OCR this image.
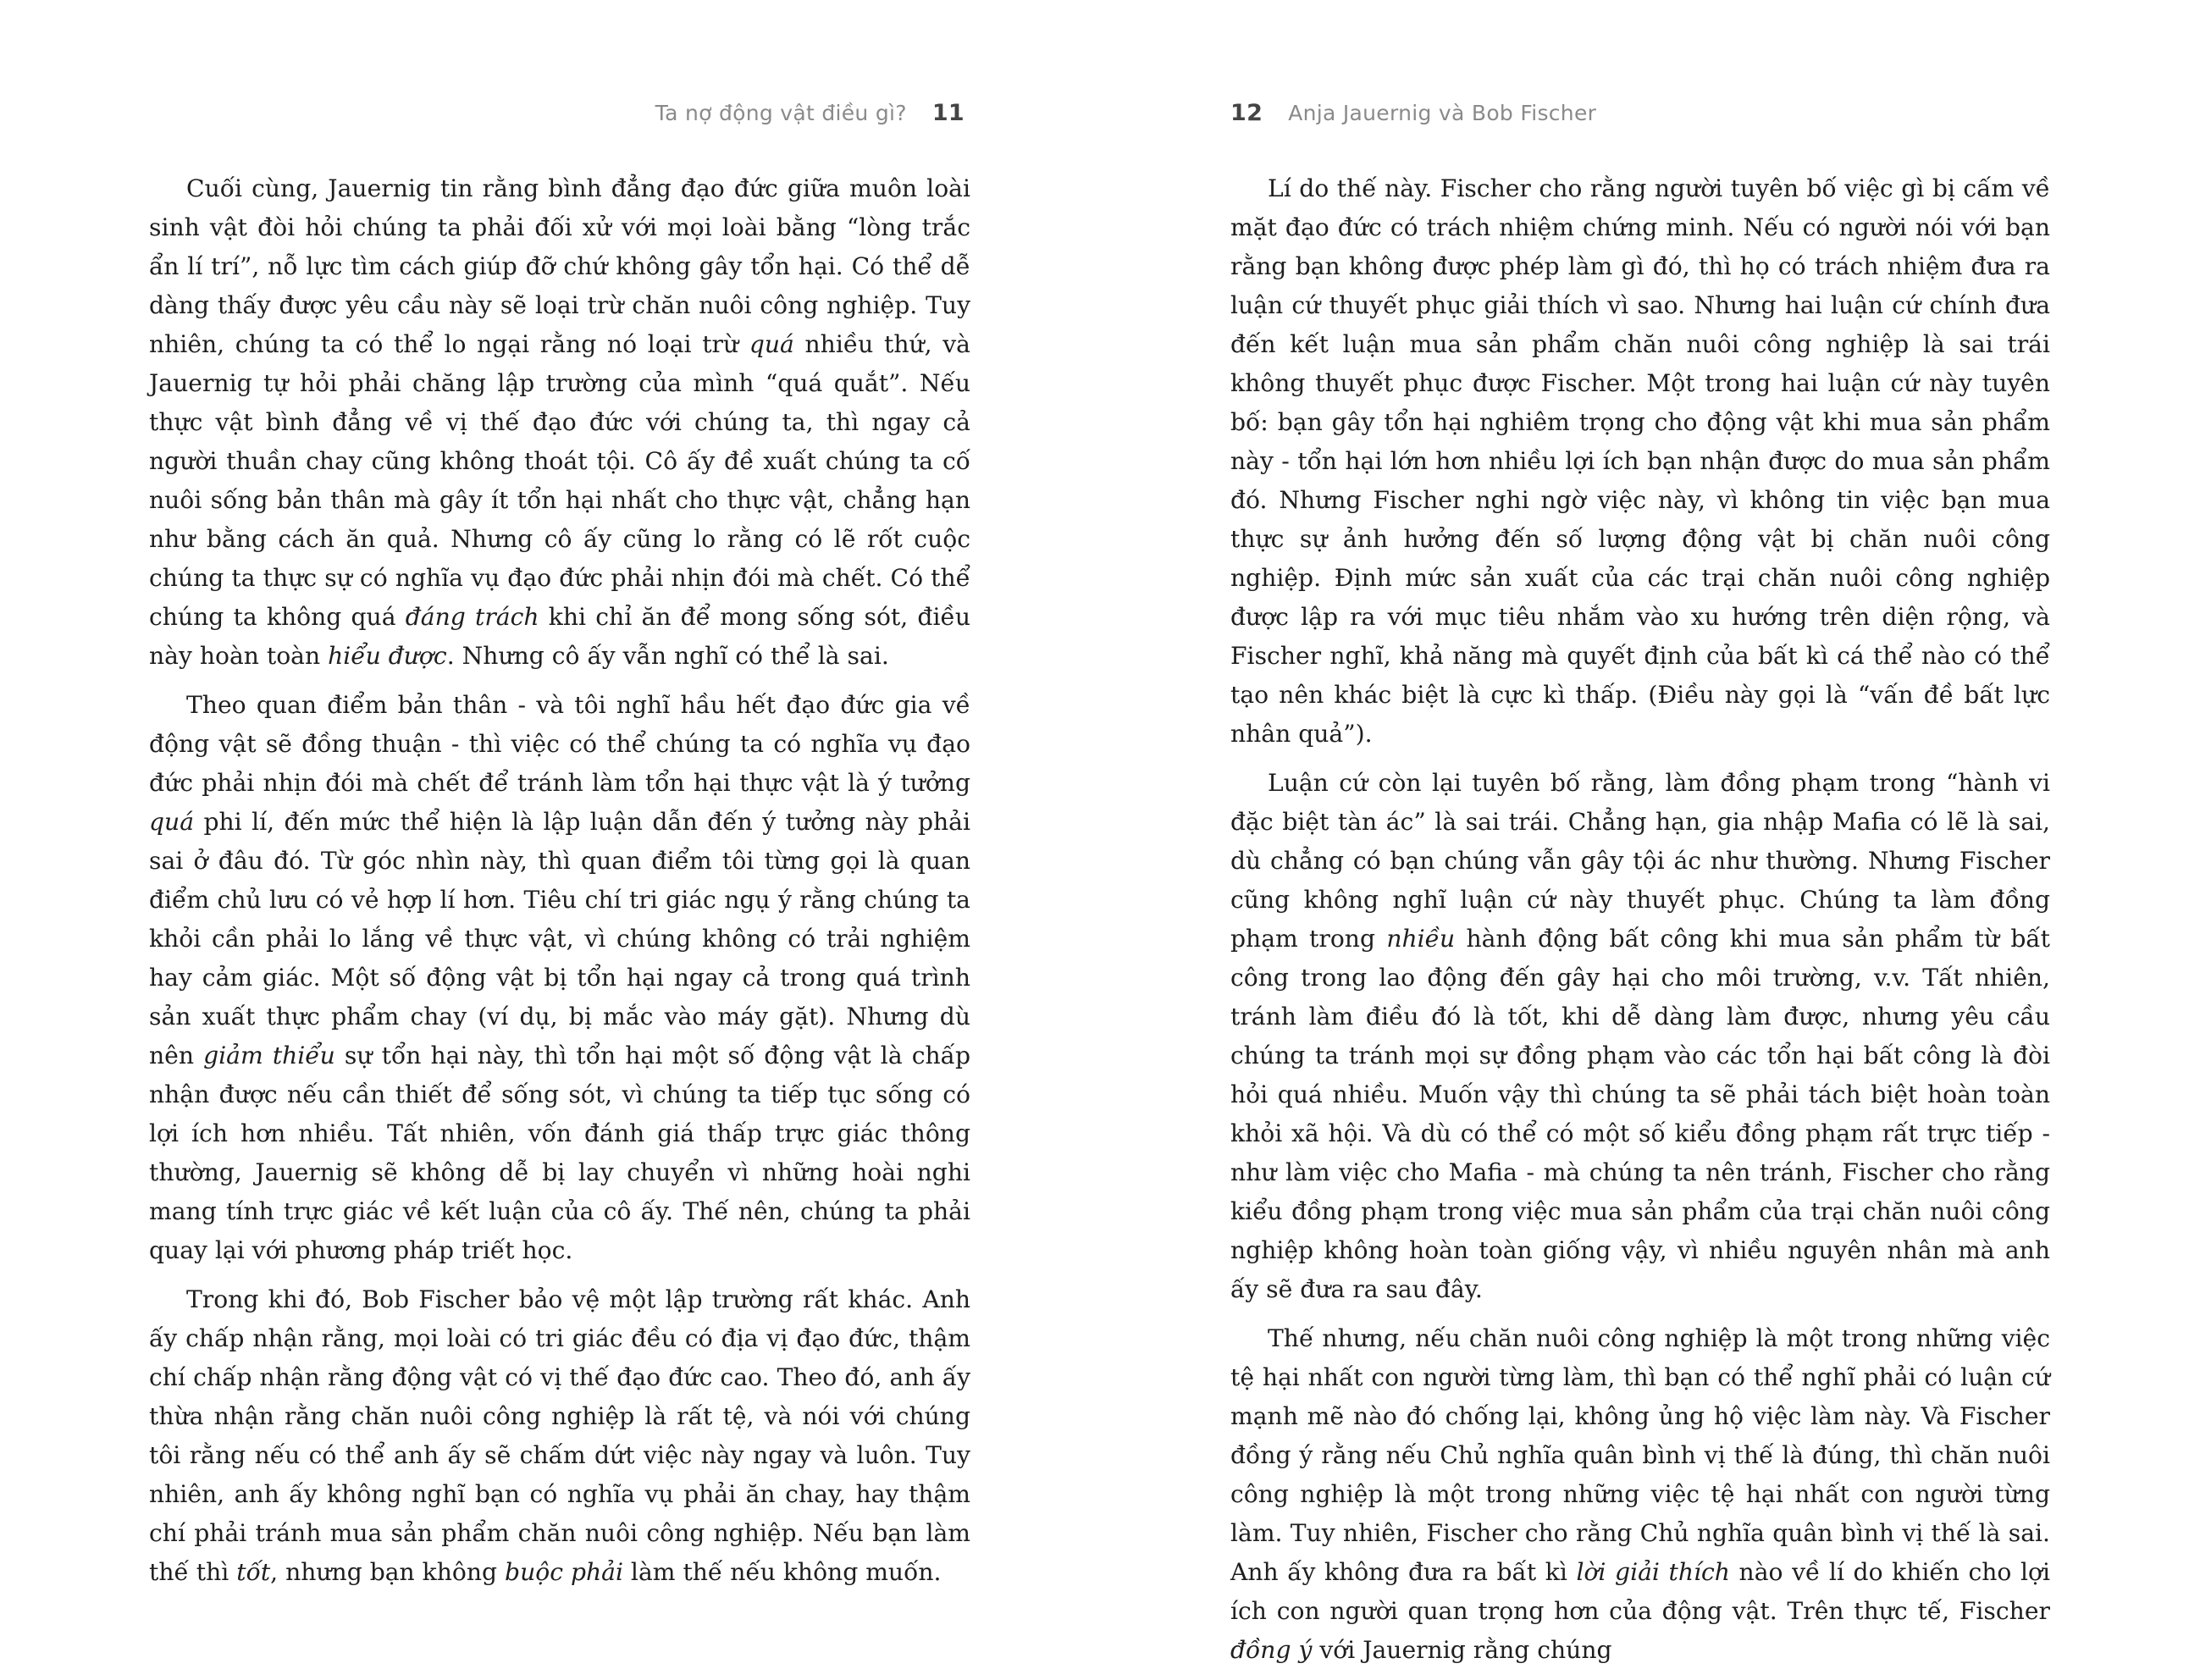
Ta nợ động vật điều gì? 11

Cuối cùng, Jauernig tin rằng bình đẳng đạo đức giữa muôn loài sinh vật đòi hỏi chúng ta phải đối xử với mọi loài bằng “lòng trắc ẩn lí trí”, nỗ lực tìm cách giúp đỡ chứ không gây tổn hại. Có thể dễ dàng thấy được yêu cầu này sẽ loại trừ chăn nuôi công nghiệp. Tuy nhiên, chúng ta có thể lo ngại rằng nó loại trừ quá nhiều thứ, và Jauernig tự hỏi phải chăng lập trường của mình “quá quắt”. Nếu thực vật bình đẳng về vị thế đạo đức với chúng ta, thì ngay cả người thuần chay cũng không thoát tội. Cô ấy đề xuất chúng ta cố nuôi sống bản thân mà gây ít tổn hại nhất cho thực vật, chẳng hạn như bằng cách ăn quả. Nhưng cô ấy cũng lo rằng có lẽ rốt cuộc chúng ta thực sự có nghĩa vụ đạo đức phải nhịn đói mà chết. Có thể chúng ta không quá đáng trách khi chỉ ăn để mong sống sót, điều này hoàn toàn hiểu được. Nhưng cô ấy vẫn nghĩ có thể là sai.

Theo quan điểm bản thân - và tôi nghĩ hầu hết đạo đức gia về động vật sẽ đồng thuận - thì việc có thể chúng ta có nghĩa vụ đạo đức phải nhịn đói mà chết để tránh làm tổn hại thực vật là ý tưởng quá phi lí, đến mức thể hiện là lập luận dẫn đến ý tưởng này phải sai ở đâu đó. Từ góc nhìn này, thì quan điểm tôi từng gọi là quan điểm chủ lưu có vẻ hợp lí hơn. Tiêu chí tri giác ngụ ý rằng chúng ta khỏi cần phải lo lắng về thực vật, vì chúng không có trải nghiệm hay cảm giác. Một số động vật bị tổn hại ngay cả trong quá trình sản xuất thực phẩm chay (ví dụ, bị mắc vào máy gặt). Nhưng dù nên giảm thiểu sự tổn hại này, thì tổn hại một số động vật là chấp nhận được nếu cần thiết để sống sót, vì chúng ta tiếp tục sống có lợi ích hơn nhiều. Tất nhiên, vốn đánh giá thấp trực giác thông thường, Jauernig sẽ không dễ bị lay chuyển vì những hoài nghi mang tính trực giác về kết luận của cô ấy. Thế nên, chúng ta phải quay lại với phương pháp triết học.

Trong khi đó, Bob Fischer bảo vệ một lập trường rất khác. Anh ấy chấp nhận rằng, mọi loài có tri giác đều có địa vị đạo đức, thậm chí chấp nhận rằng động vật có vị thế đạo đức cao. Theo đó, anh ấy thừa nhận rằng chăn nuôi công nghiệp là rất tệ, và nói với chúng tôi rằng nếu có thể anh ấy sẽ chấm dứt việc này ngay và luôn. Tuy nhiên, anh ấy không nghĩ bạn có nghĩa vụ phải ăn chay, hay thậm chí phải tránh mua sản phẩm chăn nuôi công nghiệp. Nếu bạn làm thế thì tốt, nhưng bạn không buộc phải làm thế nếu không muốn.

12 Anja Jauernig và Bob Fischer

Lí do thế này. Fischer cho rằng người tuyên bố việc gì bị cấm về mặt đạo đức có trách nhiệm chứng minh. Nếu có người nói với bạn rằng bạn không được phép làm gì đó, thì họ có trách nhiệm đưa ra luận cứ thuyết phục giải thích vì sao. Nhưng hai luận cứ chính đưa đến kết luận mua sản phẩm chăn nuôi công nghiệp là sai trái không thuyết phục được Fischer. Một trong hai luận cứ này tuyên bố: bạn gây tổn hại nghiêm trọng cho động vật khi mua sản phẩm này - tổn hại lớn hơn nhiều lợi ích bạn nhận được do mua sản phẩm đó. Nhưng Fischer nghi ngờ việc này, vì không tin việc bạn mua thực sự ảnh hưởng đến số lượng động vật bị chăn nuôi công nghiệp. Định mức sản xuất của các trại chăn nuôi công nghiệp được lập ra với mục tiêu nhắm vào xu hướng trên diện rộng, và Fischer nghĩ, khả năng mà quyết định của bất kì cá thể nào có thể tạo nên khác biệt là cực kì thấp. (Điều này gọi là “vấn đề bất lực nhân quả”).

Luận cứ còn lại tuyên bố rằng, làm đồng phạm trong “hành vi đặc biệt tàn ác” là sai trái. Chẳng hạn, gia nhập Mafia có lẽ là sai, dù chẳng có bạn chúng vẫn gây tội ác như thường. Nhưng Fischer cũng không nghĩ luận cứ này thuyết phục. Chúng ta làm đồng phạm trong nhiều hành động bất công khi mua sản phẩm từ bất công trong lao động đến gây hại cho môi trường, v.v. Tất nhiên, tránh làm điều đó là tốt, khi dễ dàng làm được, nhưng yêu cầu chúng ta tránh mọi sự đồng phạm vào các tổn hại bất công là đòi hỏi quá nhiều. Muốn vậy thì chúng ta sẽ phải tách biệt hoàn toàn khỏi xã hội. Và dù có thể có một số kiểu đồng phạm rất trực tiếp - như làm việc cho Mafia - mà chúng ta nên tránh, Fischer cho rằng kiểu đồng phạm trong việc mua sản phẩm của trại chăn nuôi công nghiệp không hoàn toàn giống vậy, vì nhiều nguyên nhân mà anh ấy sẽ đưa ra sau đây.

Thế nhưng, nếu chăn nuôi công nghiệp là một trong những việc tệ hại nhất con người từng làm, thì bạn có thể nghĩ phải có luận cứ mạnh mẽ nào đó chống lại, không ủng hộ việc làm này. Và Fischer đồng ý rằng nếu Chủ nghĩa quân bình vị thế là đúng, thì chăn nuôi công nghiệp là một trong những việc tệ hại nhất con người từng làm. Tuy nhiên, Fischer cho rằng Chủ nghĩa quân bình vị thế là sai. Anh ấy không đưa ra bất kì lời giải thích nào về lí do khiến cho lợi ích con người quan trọng hơn của động vật. Trên thực tế, Fischer đồng ý với Jauernig rằng chúng
